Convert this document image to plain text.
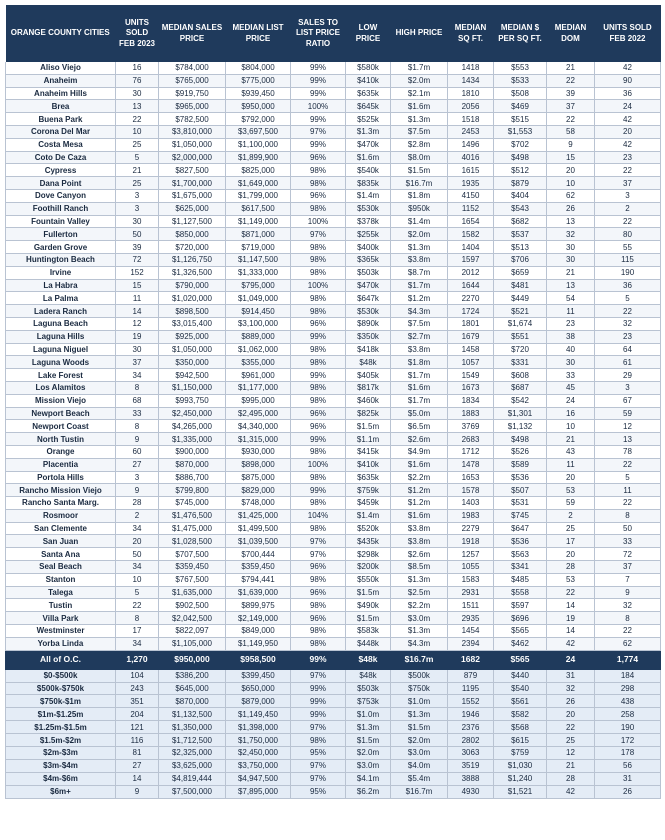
ORANGE COUNTY CITIES	UNITS SOLD FEB 2023	MEDIAN SALES PRICE	MEDIAN LIST PRICE	SALES TO LIST PRICE RATIO	LOW PRICE	HIGH PRICE	MEDIAN SQ FT.	MEDIAN $ PER SQ FT.	MEDIAN DOM	UNITS SOLD FEB 2022
Aliso Viejo	16	$784,000	$804,000	99%	$580k	$1.7m	1418	$553	21	42
Anaheim	76	$765,000	$775,000	99%	$410k	$2.0m	1434	$533	22	90
Anaheim Hills	30	$919,750	$939,450	99%	$635k	$2.1m	1810	$508	39	36
Brea	13	$965,000	$950,000	100%	$645k	$1.6m	2056	$469	37	24
Buena Park	22	$782,500	$792,000	99%	$525k	$1.3m	1518	$515	22	42
Corona Del Mar	10	$3,810,000	$3,697,500	97%	$1.3m	$7.5m	2453	$1,553	58	20
Costa Mesa	25	$1,050,000	$1,100,000	99%	$470k	$2.8m	1496	$702	9	42
Coto De Caza	5	$2,000,000	$1,899,900	96%	$1.6m	$8.0m	4016	$498	15	23
Cypress	21	$827,500	$825,000	98%	$540k	$1.5m	1615	$512	20	22
Dana Point	25	$1,700,000	$1,649,000	98%	$835k	$16.7m	1935	$879	10	37
Dove Canyon	3	$1,675,000	$1,799,000	96%	$1.4m	$1.8m	4150	$404	62	3
Foothill Ranch	3	$625,000	$617,500	98%	$530k	$950k	1152	$543	26	2
Fountain Valley	30	$1,127,500	$1,149,000	100%	$378k	$1.4m	1654	$682	13	22
Fullerton	50	$850,000	$871,000	97%	$255k	$2.0m	1582	$537	32	80
Garden Grove	39	$720,000	$719,000	98%	$400k	$1.3m	1404	$513	30	55
Huntington Beach	72	$1,126,750	$1,147,500	98%	$365k	$3.8m	1597	$706	30	115
Irvine	152	$1,326,500	$1,333,000	98%	$503k	$8.7m	2012	$659	21	190
La Habra	15	$790,000	$795,000	100%	$470k	$1.7m	1644	$481	13	36
La Palma	11	$1,020,000	$1,049,000	98%	$647k	$1.2m	2270	$449	54	5
Ladera Ranch	14	$898,500	$914,450	98%	$530k	$4.3m	1724	$521	11	22
Laguna Beach	12	$3,015,400	$3,100,000	96%	$890k	$7.5m	1801	$1,674	23	32
Laguna Hills	19	$925,000	$889,000	99%	$350k	$2.7m	1679	$551	38	23
Laguna Niguel	30	$1,050,000	$1,062,000	98%	$418k	$3.8m	1458	$720	40	64
Laguna Woods	37	$350,000	$355,000	98%	$48k	$1.8m	1057	$331	30	61
Lake Forest	34	$942,500	$961,000	99%	$405k	$1.7m	1549	$608	33	29
Los Alamitos	8	$1,150,000	$1,177,000	98%	$817k	$1.6m	1673	$687	45	3
Mission Viejo	68	$993,750	$995,000	98%	$460k	$1.7m	1834	$542	24	67
Newport Beach	33	$2,450,000	$2,495,000	96%	$825k	$5.0m	1883	$1,301	16	59
Newport Coast	8	$4,265,000	$4,340,000	96%	$1.5m	$6.5m	3769	$1,132	10	12
North Tustin	9	$1,335,000	$1,315,000	99%	$1.1m	$2.6m	2683	$498	21	13
Orange	60	$900,000	$930,000	98%	$415k	$4.9m	1712	$526	43	78
Placentia	27	$870,000	$898,000	100%	$410k	$1.6m	1478	$589	11	22
Portola Hills	3	$886,700	$875,000	98%	$635k	$2.2m	1653	$536	20	5
Rancho Mission Viejo	9	$799,800	$829,000	99%	$759k	$1.2m	1578	$507	53	11
Rancho Santa Marg.	28	$745,000	$748,000	98%	$459k	$1.2m	1403	$531	59	22
Rosmoor	2	$1,476,500	$1,425,000	104%	$1.4m	$1.6m	1983	$745	2	8
San Clemente	34	$1,475,000	$1,499,500	98%	$520k	$3.8m	2279	$647	25	50
San Juan	20	$1,028,500	$1,039,500	97%	$435k	$3.8m	1918	$536	17	33
Santa Ana	50	$707,500	$700,444	97%	$298k	$2.6m	1257	$563	20	72
Seal Beach	34	$359,450	$359,450	96%	$200k	$8.5m	1055	$341	28	37
Stanton	10	$767,500	$794,441	98%	$550k	$1.3m	1583	$485	53	7
Talega	5	$1,635,000	$1,639,000	96%	$1.5m	$2.5m	2931	$558	22	9
Tustin	22	$902,500	$899,975	98%	$490k	$2.2m	1511	$597	14	32
Villa Park	8	$2,042,500	$2,149,000	96%	$1.5m	$3.0m	2935	$696	19	8
Westminster	17	$822,097	$849,000	98%	$583k	$1.3m	1454	$565	14	22
Yorba Linda	34	$1,105,000	$1,149,950	98%	$448k	$4.3m	2394	$462	42	62
All of O.C.	1,270	$950,000	$958,500	99%	$48k	$16.7m	1682	$565	24	1,774
$0-$500k	104	$386,200	$399,450	97%	$48k	$500k	879	$440	31	184
$500k-$750k	243	$645,000	$650,000	99%	$503k	$750k	1195	$540	32	298
$750k-$1m	351	$870,000	$879,000	99%	$753k	$1.0m	1552	$561	26	438
$1m-$1.25m	204	$1,132,500	$1,149,450	99%	$1.0m	$1.3m	1946	$582	20	258
$1.25m-$1.5m	121	$1,350,000	$1,398,000	97%	$1.3m	$1.5m	2376	$568	22	190
$1.5m-$2m	116	$1,712,500	$1,750,000	98%	$1.5m	$2.0m	2802	$615	25	172
$2m-$3m	81	$2,325,000	$2,450,000	95%	$2.0m	$3.0m	3063	$759	12	178
$3m-$4m	27	$3,625,000	$3,750,000	97%	$3.0m	$4.0m	3519	$1,030	21	56
$4m-$6m	14	$4,819,444	$4,947,500	97%	$4.1m	$5.4m	3888	$1,240	28	31
$6m+	9	$7,500,000	$7,895,000	95%	$6.2m	$16.7m	4930	$1,521	42	26
